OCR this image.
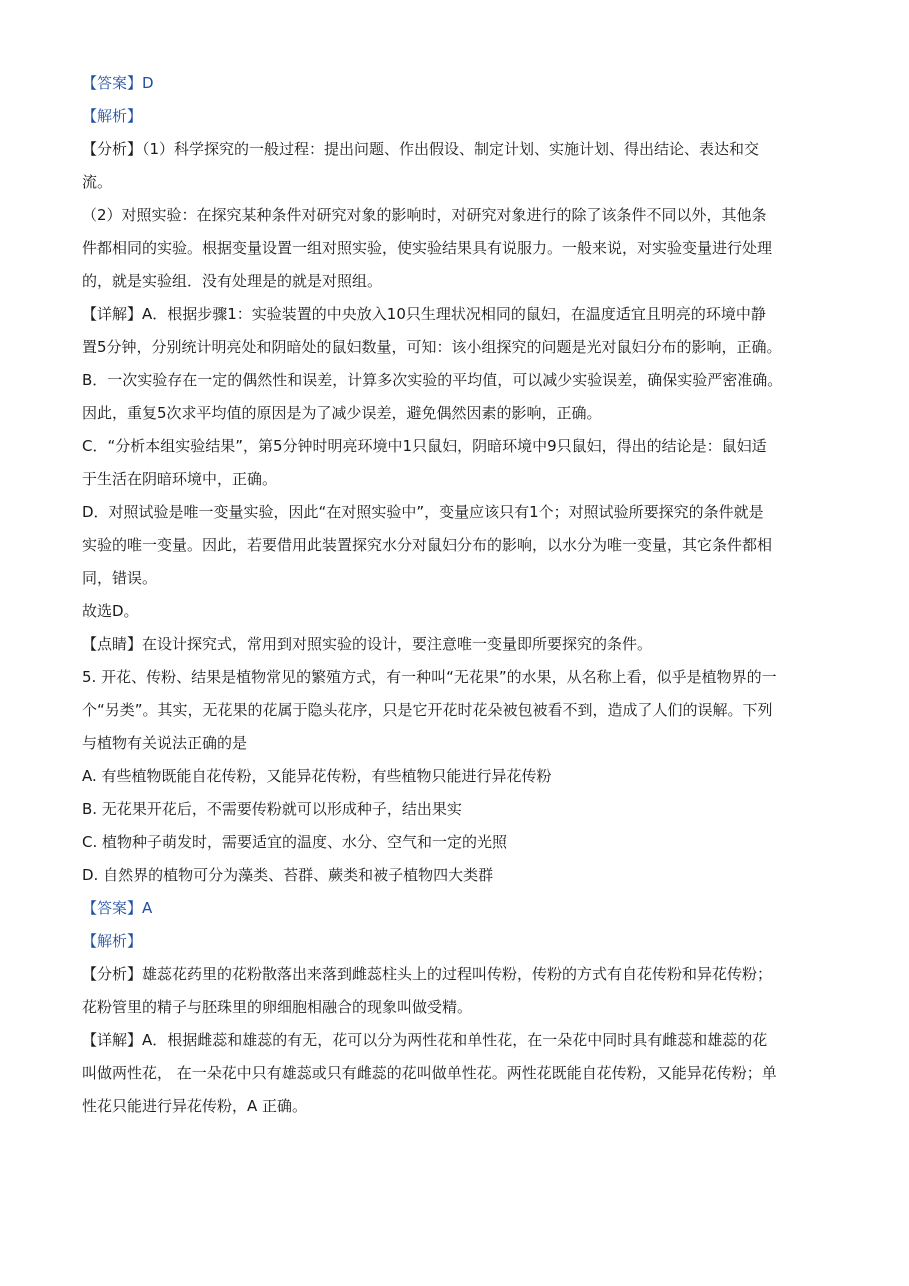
【答案】D
【解析】
【分析】（1）科学探究的一般过程：提出问题、作出假设、制定计划、实施计划、得出结论、表达和交
流。
（2）对照实验：在探究某种条件对研究对象的影响时，对研究对象进行的除了该条件不同以外，其他条
件都相同的实验。根据变量设置一组对照实验，使实验结果具有说服力。一般来说，对实验变量进行处理
的，就是实验组．没有处理是的就是对照组。
【详解】A．根据步骤1：实验装置的中央放入10只生理状况相同的鼠妇，在温度适宜且明亮的环境中静
置5分钟，分别统计明亮处和阴暗处的鼠妇数量，可知：该小组探究的问题是光对鼠妇分布的影响，正确。
B．一次实验存在一定的偶然性和误差，计算多次实验的平均值，可以减少实验误差，确保实验严密准确。
因此，重复5次求平均值的原因是为了减少误差，避免偶然因素的影响，正确。
C．“分析本组实验结果”，第5分钟时明亮环境中1只鼠妇，阴暗环境中9只鼠妇，得出的结论是：鼠妇适
于生活在阴暗环境中，正确。
D．对照试验是唯一变量实验，因此“在对照实验中”，变量应该只有1个；对照试验所要探究的条件就是
实验的唯一变量。因此，若要借用此装置探究水分对鼠妇分布的影响，以水分为唯一变量，其它条件都相
同，错误。
故选D。
【点睛】在设计探究式，常用到对照实验的设计，要注意唯一变量即所要探究的条件。
5. 开花、传粉、结果是植物常见的繁殖方式，有一种叫“无花果”的水果，从名称上看，似乎是植物界的一
个“另类”。其实，无花果的花属于隐头花序，只是它开花时花朵被包被看不到，造成了人们的误解。下列
与植物有关说法正确的是
A. 有些植物既能自花传粉，又能异花传粉，有些植物只能进行异花传粉
B. 无花果开花后，不需要传粉就可以形成种子，结出果实
C. 植物种子萌发时，需要适宜的温度、水分、空气和一定的光照
D. 自然界的植物可分为藻类、苔群、蕨类和被子植物四大类群
【答案】A
【解析】
【分析】雄蕊花药里的花粉散落出来落到雌蕊柱头上的过程叫传粉，传粉的方式有自花传粉和异花传粉；
花粉管里的精子与胚珠里的卵细胞相融合的现象叫做受精。
【详解】A．根据雌蕊和雄蕊的有无，花可以分为两性花和单性花，在一朵花中同时具有雌蕊和雄蕊的花
叫做两性花， 在一朵花中只有雄蕊或只有雌蕊的花叫做单性花。两性花既能自花传粉，又能异花传粉；单
性花只能进行异花传粉，A 正确。
